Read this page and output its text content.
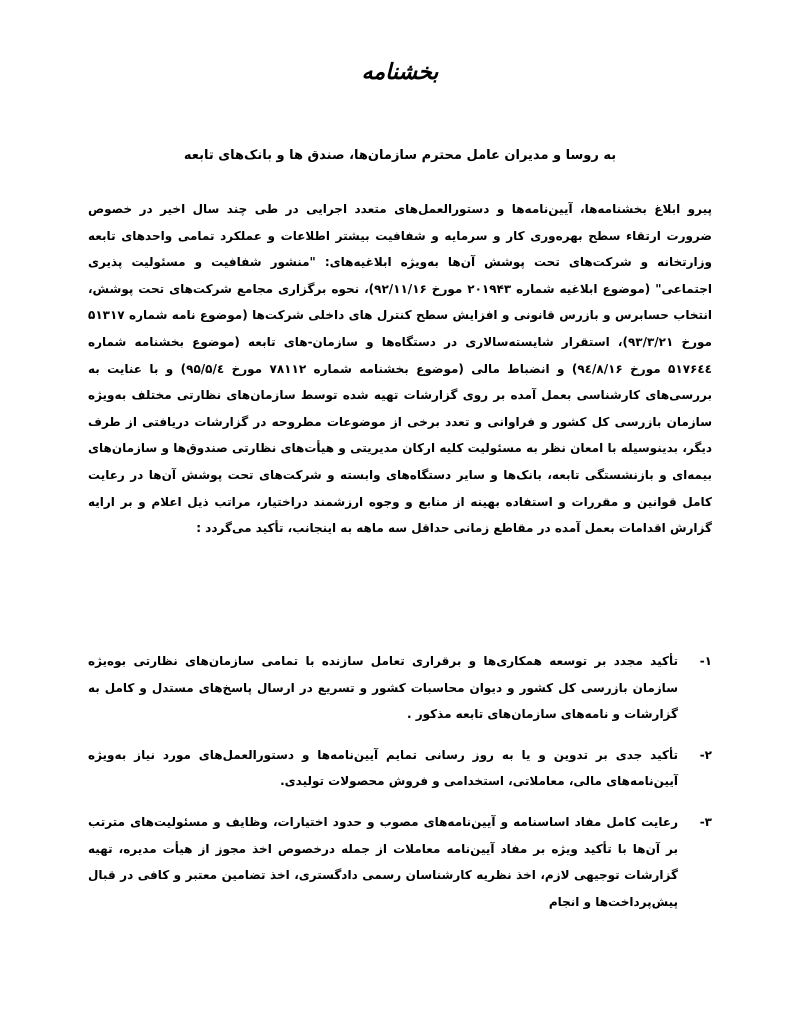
بخشنامه
به روسا و مدیران عامل محترم سازمان‌ها، صندق ها و بانک‌های تابعه

پیرو ابلاغ بخشنامه‌ها، آیین‌نامه‌ها و دستورالعمل‌های متعدد اجرایی در طی چند سال اخیر در خصوص ضرورت ارتقاء سطح بهره‌وری کار و سرمایه و شفافیت بیشتر اطلاعات و عملکرد تمامی واحدهای تابعه وزارتخانه و شرکت‌های تحت پوشش آن‌ها به‌ویژه ابلاغیه‌های: "منشور شفافیت و مسئولیت پذیری اجتماعی" (موضوع ابلاغیه شماره ۲۰۱۹۴۳ مورخ ۹۲/۱۱/۱۶)، نحوه برگزاری مجامع شرکت‌های تحت پوشش، انتخاب حسابرس و بازرس قانونی و افزایش سطح کنترل های داخلی شرکت‌ها (موضوع نامه شماره ۵۱۳۱۷ مورخ ۹۳/۳/۲۱)، استقرار شایسته‌سالاری در دستگاه‌ها و سازمان-های تابعه (موضوع بخشنامه شماره ۵۱۷۶٤٤ مورخ ۹٤/۸/۱۶) و انضباط مالی (موضوع بخشنامه شماره ۷۸۱۱۲ مورخ ۹۵/۵/٤) و با عنایت به بررسی‌های کارشناسی بعمل آمده بر روی گزارشات تهیه شده توسط سازمان‌های نظارتی مختلف به‌ویژه سازمان بازرسی کل کشور و فراوانی و تعدد برخی از موضوعات مطروحه در گزارشات دریافتی از طرف دیگر، بدینوسیله با امعان نظر به مسئولیت کلیه ارکان مدیریتی و هیأت‌های نظارتی صندوق‌ها و سازمان‌های بیمه‌ای و بازنشستگی تابعه، بانک‌ها و سایر دستگاه‌های وابسته و شرکت‌های تحت پوشش آن‌ها در رعایت کامل قوانین و مقررات و استفاده بهینه از منابع و وجوه ارزشمند دراختیار، مراتب ذیل اعلام و بر ارایه گزارش اقدامات بعمل آمده در مقاطع زمانی حداقل سه ماهه به اینجانب، تأکید می‌گردد :

۱-
تأکید مجدد بر توسعه همکاری‌ها و برقراری تعامل سازنده با تمامی سازمان‌های نظارتی بوه‌یژه سازمان بازرسی کل کشور و دیوان محاسبات کشور و تسریع در ارسال پاسخ‌های مستدل و کامل به گزارشات و نامه‌های سازمان‌های تابعه مذکور .
۲-
تأکید جدی بر تدوین و یا به روز رسانی تمایم آیین‌نامه‌ها و دستورالعمل‌های مورد نیاز به‌ویژه آیین‌نامه‌های مالی، معاملاتی، استخدامی و فروش محصولات تولیدی.
۳-
رعایت کامل مفاد اساسنامه و آیین‌نامه‌های مصوب و حدود اختیارات، وظایف و مسئولیت‌های مترتب بر آن‌ها با تأکید ویژه بر مفاد آیین‌نامه معاملات از جمله درخصوص اخذ مجوز از هیأت مدیره، تهیه گزارشات توجیهی لازم، اخذ نظریه کارشناسان رسمی دادگستری، اخذ تضامین معتبر و کافی در قبال پیش‌پرداخت‌ها و انجام
